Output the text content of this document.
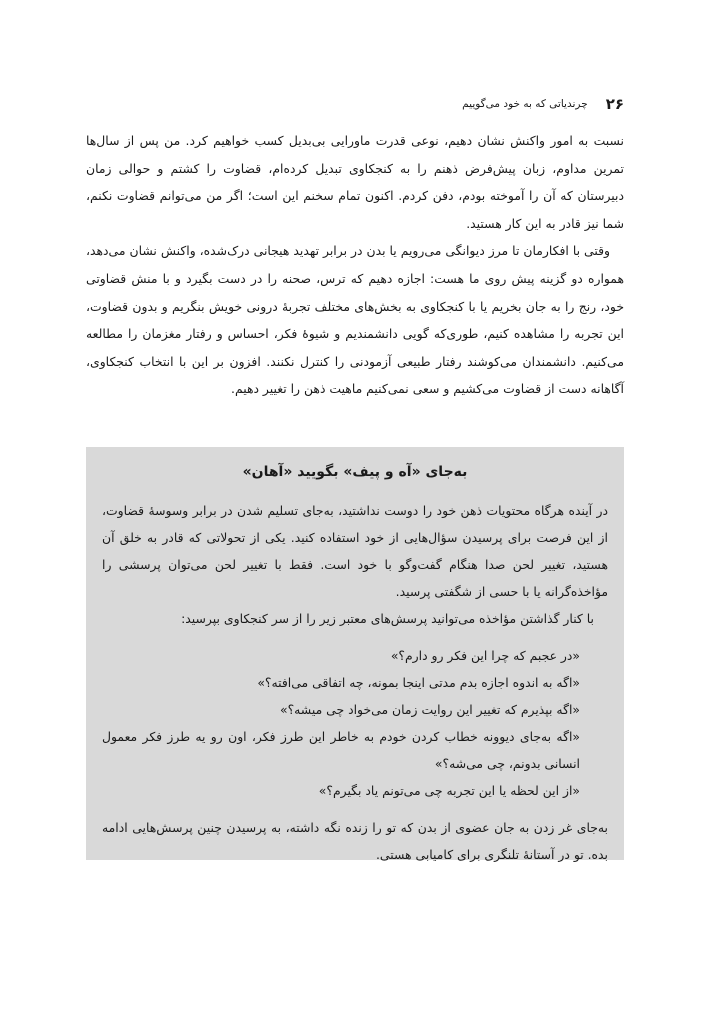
۲۶
چرندیاتی که به خود می‌گوییم

نسبت به امور واکنش نشان دهیم، نوعی قدرت ماورایی بی‌بدیل کسب خواهیم کرد. من پس از سال‌ها تمرین مداوم، زبان پیش‌فرض ذهنم را به کنجکاوی تبدیل کرده‌ام، قضاوت را کشتم و حوالی زمان دبیرستان که آن را آموخته بودم، دفن کردم. اکنون تمام سخنم این است؛ اگر من می‌توانم قضاوت نکنم، شما نیز قادر به این کار هستید.

وقتی با افکارمان تا مرز دیوانگی می‌رویم یا بدن در برابر تهدید هیجانی درک‌شده، واکنش نشان می‌دهد، همواره دو گزینه پیش روی ما هست: اجازه دهیم که ترس، صحنه را در دست بگیرد و با منش قضاوتی خود، رنج را به جان بخریم یا با کنجکاوی به بخش‌های مختلف تجربهٔ درونی خویش بنگریم و بدون قضاوت، این تجربه را مشاهده کنیم، طوری‌که گویی دانشمندیم و شیوهٔ فکر، احساس و رفتار مغزمان را مطالعه می‌کنیم. دانشمندان می‌کوشند رفتار طبیعی آزمودنی را کنترل نکنند. افزون بر این با انتخاب کنجکاوی، آگاهانه دست از قضاوت می‌کشیم و سعی نمی‌کنیم ماهیت ذهن را تغییر دهیم.

به‌جای «آه و پیف» بگویید «آهان»

در آینده هرگاه محتویات ذهن خود را دوست نداشتید، به‌جای تسلیم شدن در برابر وسوسهٔ قضاوت، از این فرصت برای پرسیدن سؤال‌هایی از خود استفاده کنید. یکی از تحولاتی که قادر به خلق آن هستید، تغییر لحن صدا هنگام گفت‌وگو با خود است. فقط با تغییر لحن می‌توان پرسشی را مؤاخذه‌گرانه یا با حسی از شگفتی پرسید.

با کنار گذاشتن مؤاخذه می‌توانید پرسش‌های معتبر زیر را از سر کنجکاوی بپرسید:

«در عجبم که چرا این فکر رو دارم؟»
«اگه به اندوه اجازه بدم مدتی اینجا بمونه، چه اتفاقی می‌افته؟»
«اگه بپذیرم که تغییر این روایت زمان می‌خواد چی میشه؟»
«اگه به‌جای دیوونه خطاب کردن خودم به خاطر این طرز فکر، اون رو یه طرز فکر معمول انسانی بدونم، چی می‌شه؟»
«از این لحظه یا این تجربه چی می‌تونم یاد بگیرم؟»

به‌جای غر زدن به جان عضوی از بدن که تو را زنده نگه داشته، به پرسیدن چنین پرسش‌هایی ادامه بده. تو در آستانهٔ تلنگری برای کامیابی هستی.
